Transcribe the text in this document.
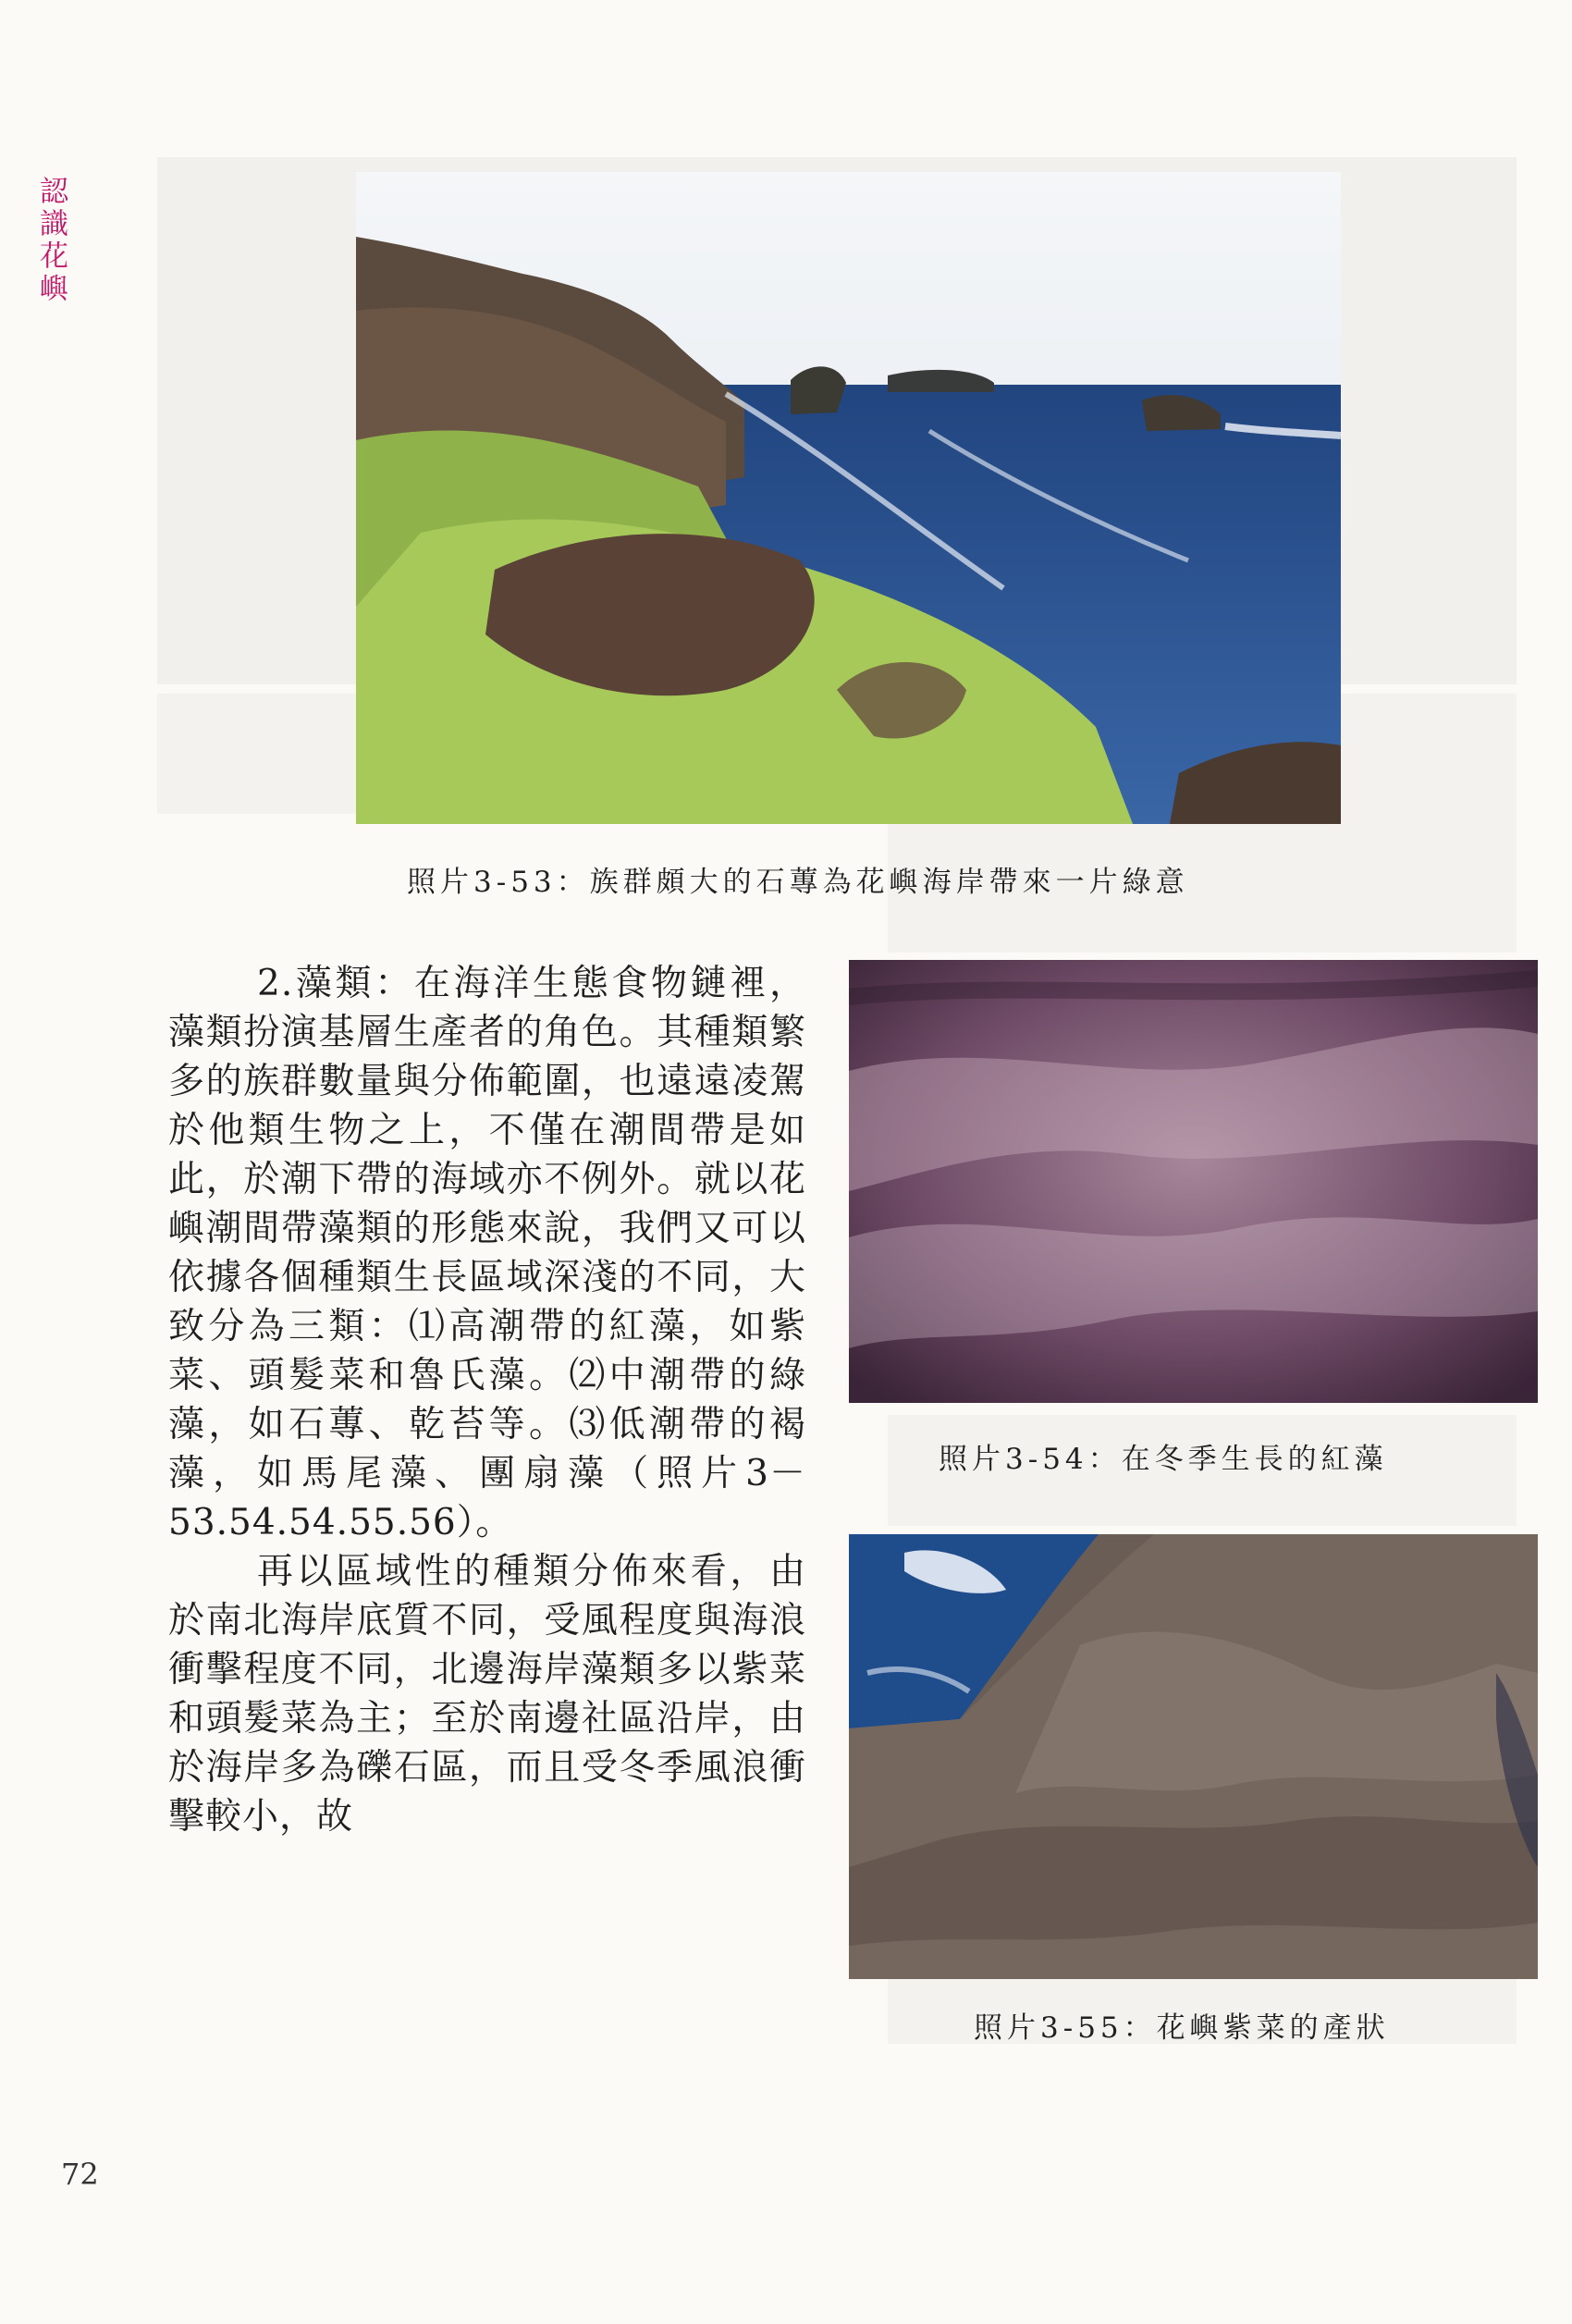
認識花嶼
照片3-53：族群頗大的石蓴為花嶼海岸帶來一片綠意
照片3-54：在冬季生長的紅藻
照片3-55：花嶼紫菜的產狀

2.藻類：在海洋生態食物鏈裡，藻類扮演基層生產者的角色。其種類繁多的族群數量與分佈範圍，也遠遠凌駕於他類生物之上，不僅在潮間帶是如此，於潮下帶的海域亦不例外。就以花嶼潮間帶藻類的形態來說，我們又可以依據各個種類生長區域深淺的不同，大致分為三類：⑴高潮帶的紅藻，如紫菜、頭髮菜和魯氏藻。⑵中潮帶的綠藻，如石蓴、乾苔等。⑶低潮帶的褐藻，如馬尾藻、團扇藻（照片3－53.54.54.55.56）。

再以區域性的種類分佈來看，由於南北海岸底質不同，受風程度與海浪衝擊程度不同，北邊海岸藻類多以紫菜和頭髮菜為主；至於南邊社區沿岸，由於海岸多為礫石區，而且受冬季風浪衝擊較小，故

72
